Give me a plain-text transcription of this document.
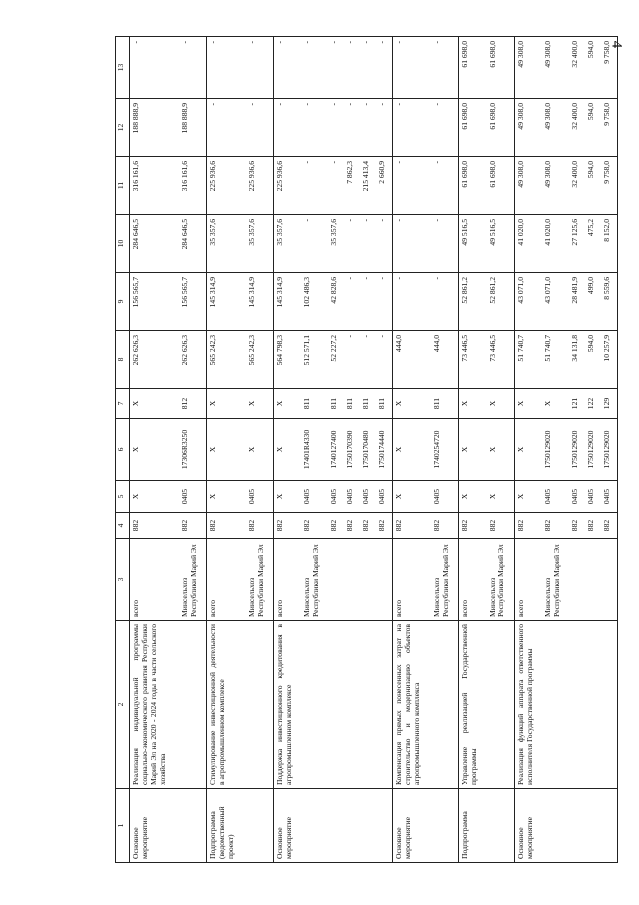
4
1	2	3	4	5	6	7	8	9	10	11	12	13
Основное мероприятие	Реализация индивидуальной программы социально-экономического развития Республики Марий Эл на 2020 - 2024 годы в части сельского хозяйства	всего	882	Х	Х	Х	262 626,3	156 565,7	284 646,5	316 161,6	188 888,9	-
		Минсельхоз Республики Марий Эл	882	0405	17306R3250	812	262 626,3	156 565,7	284 646,5	316 161,6	188 888,9	-
Подпрограмма (ведомственный проект)	Стимулирование инвестиционной деятельности в агропромышленном комплексе	всего	882	Х	Х	Х	565 242,3	145 314,9	35 357,6	225 936,6	-	-
		Минсельхоз Республики Марий Эл	882	0405	Х	Х	565 242,3	145 314,9	35 357,6	225 936,6	-	-
Основное мероприятие	Поддержка инвестиционного кредитования в агропромышленном комплексе	всего	882	Х	Х	Х	564 798,3	145 314,9	35 357,6	225 936,6	-	-
		Минсельхоз Республики Марий Эл	882	0405	17401R4330	811	512 571,1	102 486,3	-	-	-	-
			882	0405	1740127400	811	52 227,2	42 828,6	35 357,6	-	-	-
			882	0405	1750170390	811	-	-	-	7 862,3	-	-
			882	0405	1750170480	811	-	-	-	215 413,4	-	-
			882	0405	1750174440	811	-	-	-	2 660,9	-	-
Основное мероприятие	Компенсация прямых понесенных затрат на строительство и модернизацию объектов агропромышленного комплекса	всего	882	Х	Х	Х	444,0	-	-	-	-	-
		Минсельхоз Республики Марий Эл	882	0405	1740254720	811	444,0	-	-	-	-	-
Подпрограмма	Управление реализацией Государственной программы	всего	882	Х	Х	Х	73 446,5	52 861,2	49 516,5	61 698,0	61 698,0	61 698,0
		Минсельхоз Республики Марий Эл	882	Х	Х	Х	73 446,5	52 861,2	49 516,5	61 698,0	61 698,0	61 698,0
Основное мероприятие	Реализация функций аппарата ответственного исполнителя Государственной программы	всего	882	Х	Х	Х	51 740,7	43 071,0	41 020,0	49 308,0	49 308,0	49 308,0
		Минсельхоз Республики Марий Эл	882	0405	1750129020	Х	51 740,7	43 071,0	41 020,0	49 308,0	49 308,0	49 308,0
			882	0405	1750129020	121	34 131,8	28 481,9	27 125,6	32 400,0	32 400,0	32 400,0
			882	0405	1750129020	122	594,0	499,0	475,2	594,0	594,0	594,0
			882	0405	1750129020	129	10 257,9	8 559,6	8 152,0	9 758,0	9 758,0	9 758,0
